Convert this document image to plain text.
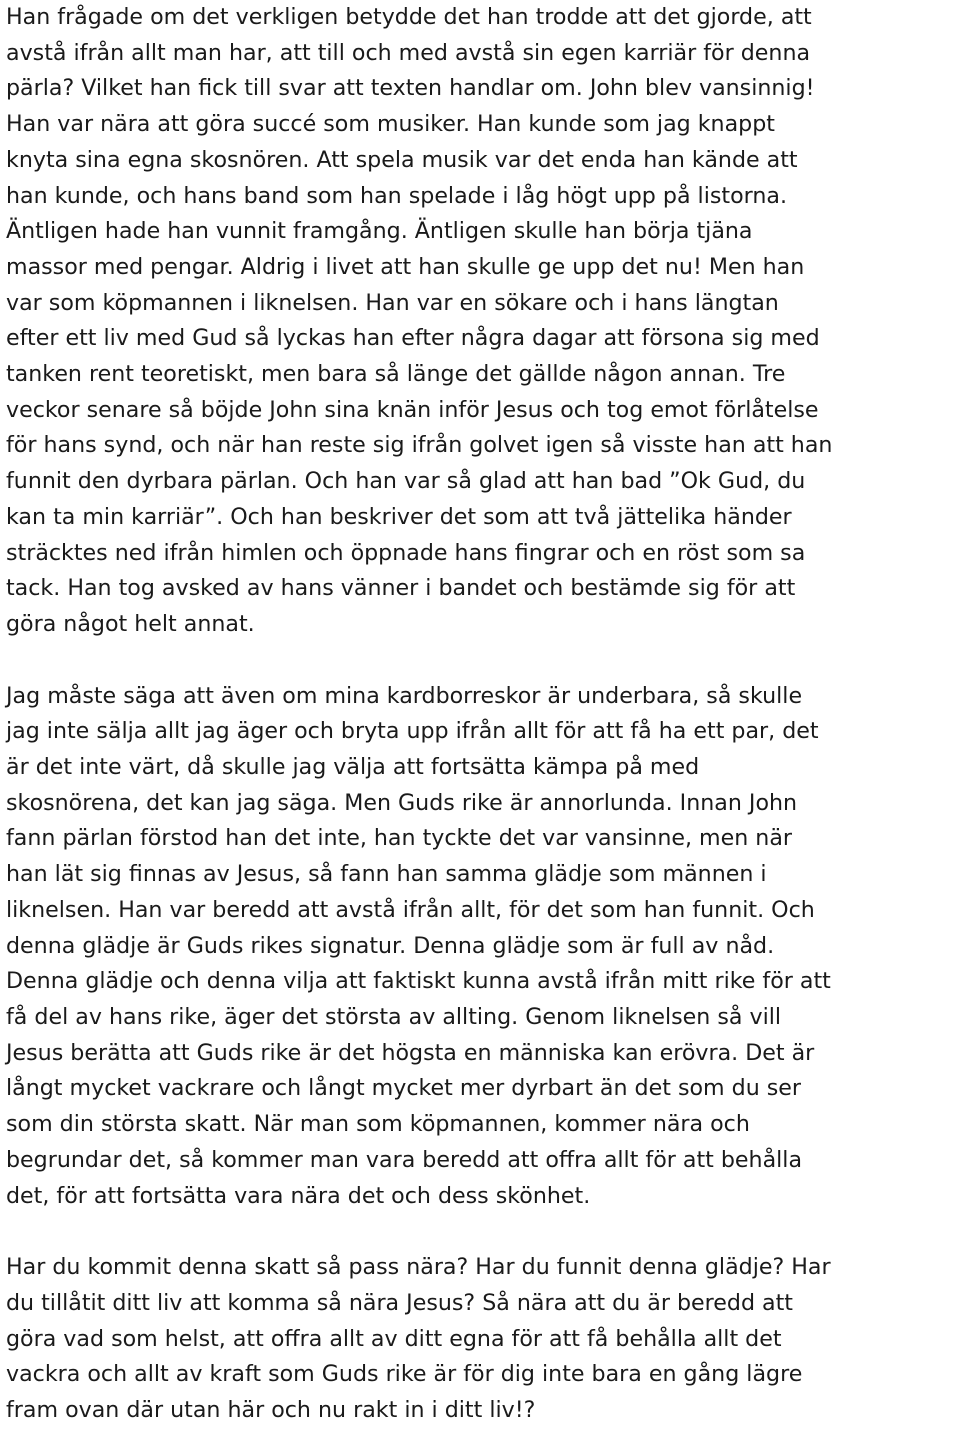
Han frågade om det verkligen betydde det han trodde att det gjorde, att
avstå ifrån allt man har, att till och med avstå sin egen karriär för denna
pärla? Vilket han fick till svar att texten handlar om. John blev vansinnig!
Han var nära att göra succé som musiker. Han kunde som jag knappt
knyta sina egna skosnören. Att spela musik var det enda han kände att
han kunde, och hans band som han spelade i låg högt upp på listorna.
Äntligen hade han vunnit framgång. Äntligen skulle han börja tjäna
massor med pengar. Aldrig i livet att han skulle ge upp det nu! Men han
var som köpmannen i liknelsen. Han var en sökare och i hans längtan
efter ett liv med Gud så lyckas han efter några dagar att försona sig med
tanken rent teoretiskt, men bara så länge det gällde någon annan. Tre
veckor senare så böjde John sina knän inför Jesus och tog emot förlåtelse
för hans synd, och när han reste sig ifrån golvet igen så visste han att han
funnit den dyrbara pärlan. Och han var så glad att han bad ”Ok Gud, du
kan ta min karriär”. Och han beskriver det som att två jättelika händer
sträcktes ned ifrån himlen och öppnade hans fingrar och en röst som sa
tack. Han tog avsked av hans vänner i bandet och bestämde sig för att
göra något helt annat.

Jag måste säga att även om mina kardborreskor är underbara, så skulle
jag inte sälja allt jag äger och bryta upp ifrån allt för att få ha ett par, det
är det inte värt, då skulle jag välja att fortsätta kämpa på med
skosnörena, det kan jag säga. Men Guds rike är annorlunda. Innan John
fann pärlan förstod han det inte, han tyckte det var vansinne, men när
han lät sig finnas av Jesus, så fann han samma glädje som männen i
liknelsen. Han var beredd att avstå ifrån allt, för det som han funnit. Och
denna glädje är Guds rikes signatur. Denna glädje som är full av nåd.
Denna glädje och denna vilja att faktiskt kunna avstå ifrån mitt rike för att
få del av hans rike, äger det största av allting. Genom liknelsen så vill
Jesus berätta att Guds rike är det högsta en människa kan erövra. Det är
långt mycket vackrare och långt mycket mer dyrbart än det som du ser
som din största skatt. När man som köpmannen, kommer nära och
begrundar det, så kommer man vara beredd att offra allt för att behålla
det, för att fortsätta vara nära det och dess skönhet.

Har du kommit denna skatt så pass nära? Har du funnit denna glädje? Har
du tillåtit ditt liv att komma så nära Jesus? Så nära att du är beredd att
göra vad som helst, att offra allt av ditt egna för att få behålla allt det
vackra och allt av kraft som Guds rike är för dig inte bara en gång lägre
fram ovan där utan här och nu rakt in i ditt liv!?
